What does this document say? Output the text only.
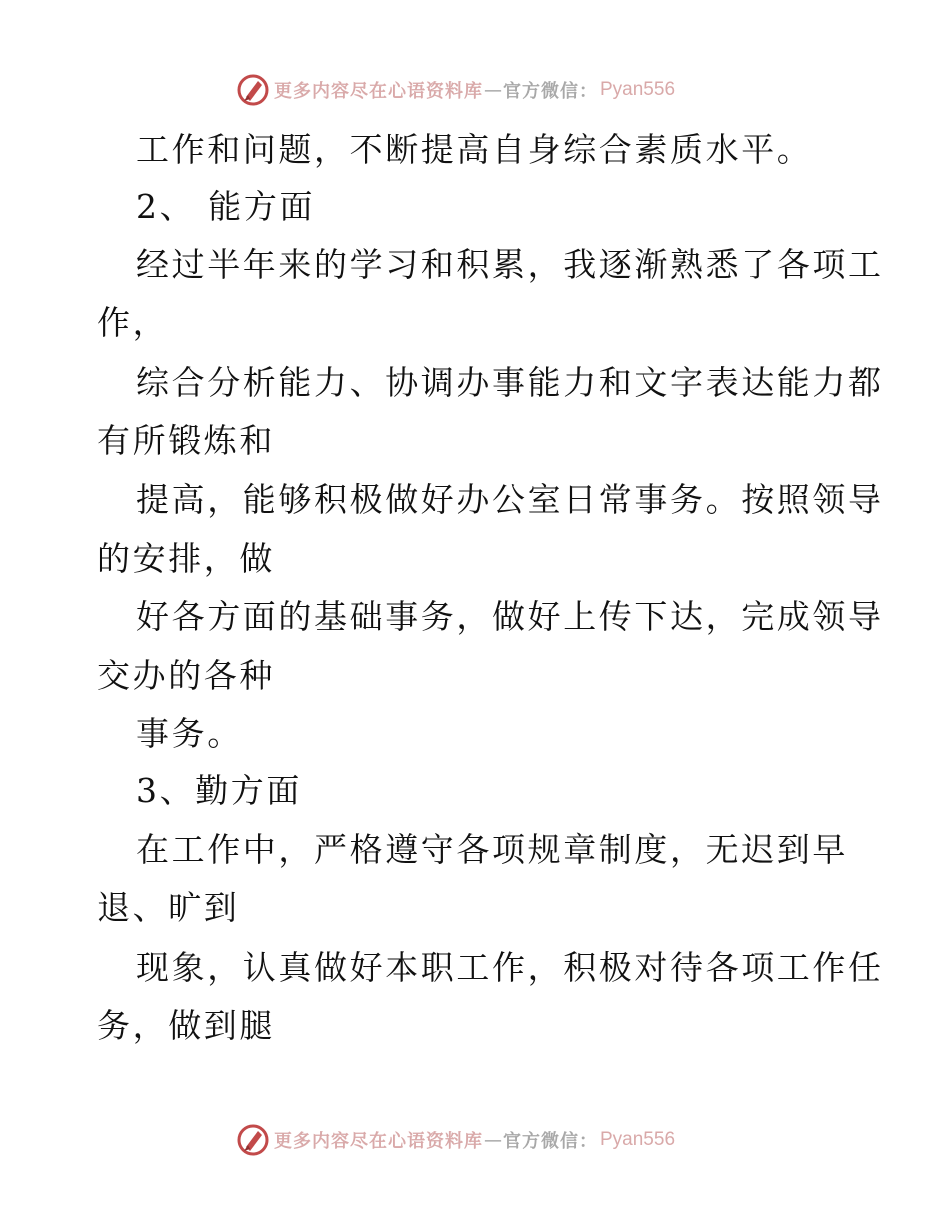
更多内容尽在心语资料库 — 官方微信： Pyan556
工作和问题，不断提高自身综合素质水平。
2、 能方面
经过半年来的学习和积累，我逐渐熟悉了各项工
作，
综合分析能力、协调办事能力和文字表达能力都
有所锻炼和
提高，能够积极做好办公室日常事务。按照领导
的安排，做
好各方面的基础事务，做好上传下达，完成领导
交办的各种
事务。
3、勤方面
在工作中，严格遵守各项规章制度，无迟到早
退、旷到
现象，认真做好本职工作，积极对待各项工作任
务，做到腿
更多内容尽在心语资料库 — 官方微信： Pyan556
